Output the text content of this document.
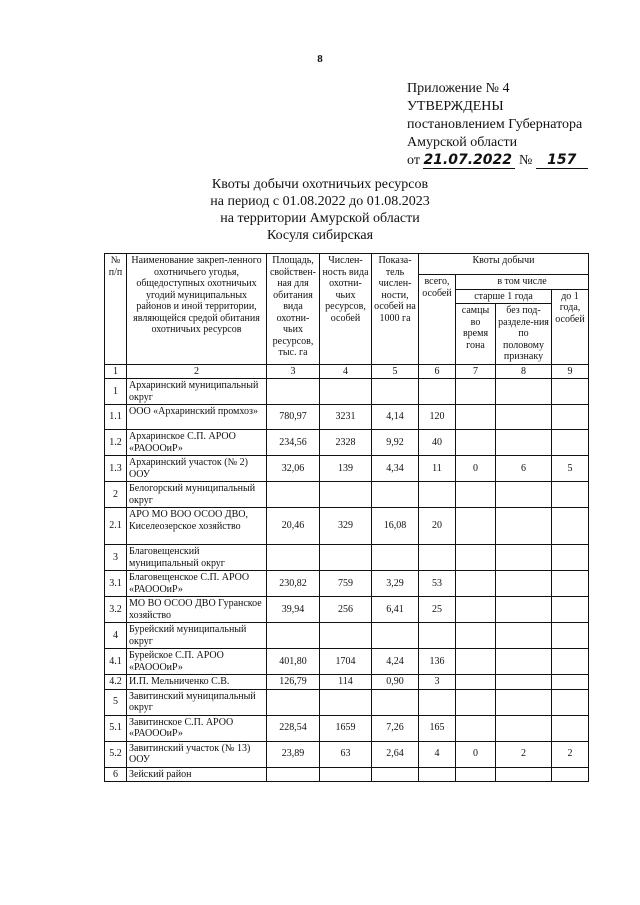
8
Приложение № 4
УТВЕРЖДЕНЫ
постановлением Губернатора
Амурской области
от 21.07.2022 № 157
Квоты добычи охотничьих ресурсов
на период с 01.08.2022 до 01.08.2023
на территории Амурской области
Косуля сибирская
№ п/п	Наименование закреп-ленного охотничьего угодья, общедоступных охотничьих угодий муниципальных районов и иной территории, являющейся средой обитания охотничьих ресурсов	Площадь, свойствен-ная для обитания вида охотни-чьих ресурсов, тыс. га	Числен-ность вида охотни-чьих ресурсов, особей	Показа-тель числен-ности, особей на 1000 га	Квоты добычи			
					всего, особей	в том числе		
						старше 1 года		до 1 года, особей
						самцы во время гона	без под-разделе-ния по половому признаку	
1	2	3	4	5	6	7	8	9
1	Архаринский муниципальный округ							
1.1	ООО «Архаринский промхоз»	780,97	3231	4,14	120			
1.2	Архаринское С.П. АРОО «РАОООиР»	234,56	2328	9,92	40			
1.3	Архаринский участок (№ 2) ООУ	32,06	139	4,34	11	0	6	5
2	Белогорский муниципальный округ							
2.1	АРО МО ВОО ОСОО ДВО, Киселеозерское хозяйство	20,46	329	16,08	20			
3	Благовещенский муниципальный округ							
3.1	Благовещенское С.П. АРОО «РАОООиР»	230,82	759	3,29	53			
3.2	МО ВО ОСОО ДВО Гуранское хозяйство	39,94	256	6,41	25			
4	Бурейский муниципальный округ							
4.1	Бурейское С.П. АРОО «РАОООиР»	401,80	1704	4,24	136			
4.2	И.П. Мельниченко С.В.	126,79	114	0,90	3			
5	Завитинский муниципальный округ							
5.1	Завитинское С.П. АРОО «РАОООиР»	228,54	1659	7,26	165			
5.2	Завитинский участок (№ 13) ООУ	23,89	63	2,64	4	0	2	2
6	Зейский район							
